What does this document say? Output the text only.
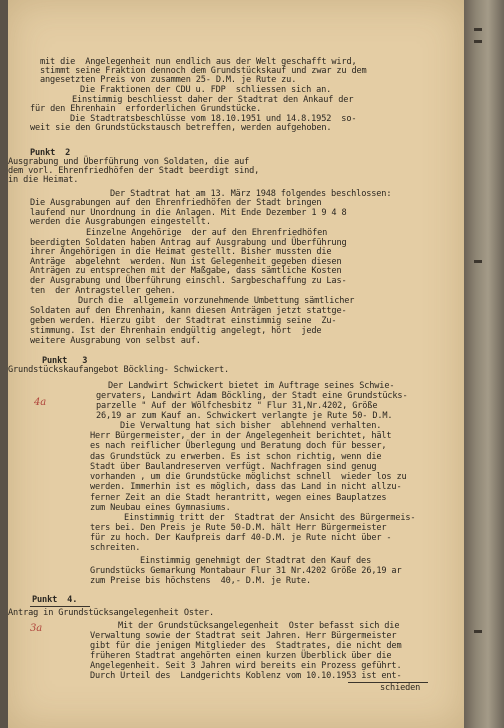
mit die  Angelegenheit nun endlich aus der Welt geschafft wird,
stimmt seine Fraktion dennoch dem Grundstückskauf und zwar zu dem
angesetzten Preis von zusammen 25- D.M. je Rute zu.
Die Fraktionen der CDU u. FDP  schliessen sich an.
Einstimmig beschliesst daher der Stadtrat den Ankauf der
für den Ehrenhain  erforderlichen Grundstücke.
Die Stadtratsbeschlüsse vom 18.10.1951 und 14.8.1952  so-
weit sie den Grundstückstausch betreffen, werden aufgehoben.
Punkt  2
Ausgrabung und Überführung von Soldaten, die auf
dem vorl. Ehrenfriedhöfen der Stadt beerdigt sind,
in die Heimat.
Der Stadtrat hat am 13. März 1948 folgendes beschlossen:
Die Ausgrabungen auf den Ehrenfriedhöfen der Stadt bringen
laufend nur Unordnung in die Anlagen. Mit Ende Dezember 1 9 4 8
werden die Ausgrabungen eingestellt.
Einzelne Angehörige  der auf den Ehrenfriedhöfen
beerdigten Soldaten haben Antrag auf Ausgrabung und Überführung
ihrer Angehörigen in die Heimat gestellt. Bisher mussten die
Anträge  abgelehnt  werden. Nun ist Gelegenheit gegeben diesen
Anträgen zu entsprechen mit der Maßgabe, dass sämtliche Kosten
der Ausgrabung und Überführung einschl. Sargbeschaffung zu Las-
ten  der Antragsteller gehen.
Durch die  allgemein vorzunehmende Umbettung sämtlicher
Soldaten auf den Ehrenhain, kann diesen Anträgen jetzt stattge-
geben werden. Hierzu gibt  der Stadtrat einstimmig seine  Zu-
stimmung. Ist der Ehrenhain endgültig angelegt, hört  jede
weitere Ausgrabung von selbst auf.
Punkt   3
Grundstückskaufangebot Böckling- Schwickert.
4a
Der Landwirt Schwickert bietet im Auftrage seines Schwie-
gervaters, Landwirt Adam Böckling, der Stadt eine Grundstücks-
parzelle " Auf der Wölfchesbitz " Flur 31,Nr.4202, Größe
26,19 ar zum Kauf an. Schwickert verlangte je Rute 50- D.M.
Die Verwaltung hat sich bisher  ablehnend verhalten.
Herr Bürgermeister, der in der Angelegenheit berichtet, hält
es nach reiflicher Überlegung und Beratung doch für besser,
das Grundstück zu erwerben. Es ist schon richtig, wenn die
Stadt über Baulandreserven verfügt. Nachfragen sind genug
vorhanden , um die Grundstücke möglichst schnell  wieder los zu
werden. Immerhin ist es möglich, dass das Land in nicht allzu-
ferner Zeit an die Stadt herantritt, wegen eines Bauplatzes
zum Neubau eines Gymnasiums.
Einstimmig tritt der  Stadtrat der Ansicht des Bürgermeis-
ters bei. Den Preis je Rute 50-D.M. hält Herr Bürgermeister
für zu hoch. Der Kaufpreis darf 40-D.M. je Rute nicht über -
schreiten.
Einstimmig genehmigt der Stadtrat den Kauf des
Grundstücks Gemarkung Montabaur Flur 31 Nr.4202 Größe 26,19 ar
zum Preise bis höchstens  40,- D.M. je Rute.
Punkt  4.
Antrag in Grundstücksangelegenheit Oster.
3a	Mit der Grundstücksangelegenheit  Oster befasst sich die
Verwaltung sowie der Stadtrat seit Jahren. Herr Bürgermeister
gibt für die jenigen Mitglieder des  Stadtrates, die nicht dem
früheren Stadtrat angehörten einen kurzen Überblick über die
Angelegenheit. Seit 3 Jahren wird bereits ein Prozess geführt.
Durch Urteil des  Landgerichts Koblenz vom 10.10.1953 ist ent-
schieden
